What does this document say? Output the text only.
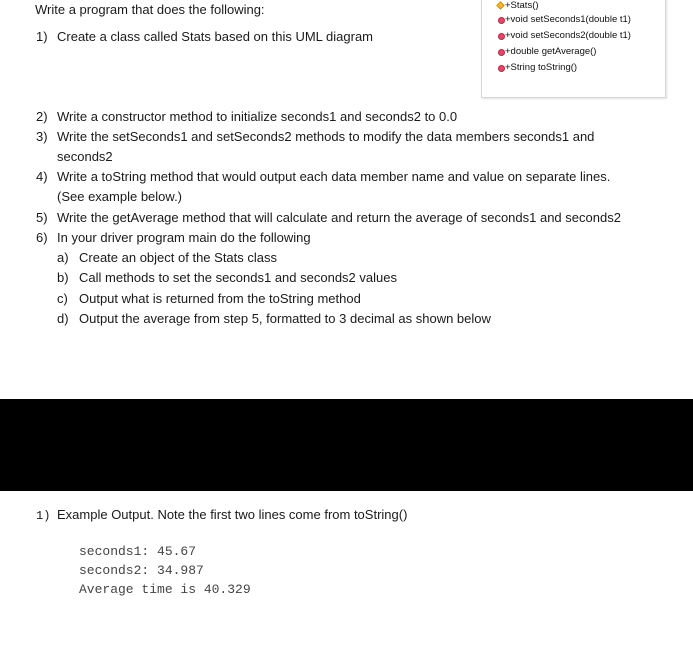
Write a program that does the following:
1) Create a class called Stats based on this UML diagram
+Stats()
+void setSeconds1(double t1)
+void setSeconds2(double t1)
+double getAverage()
+String toString()
2) Write a constructor method to initialize seconds1 and seconds2 to 0.0
3) Write the setSeconds1 and setSeconds2 methods to modify the data members seconds1 and
seconds2
4) Write a toString method that would output each data member name and value on separate lines.
(See example below.)
5) Write the getAverage method that will calculate and return the average of seconds1 and seconds2
6) In your driver program main do the following
a) Create an object of the Stats class
b) Call methods to set the seconds1 and seconds2 values
c) Output what is returned from the toString method
d) Output the average from step 5, formatted to 3 decimal as shown below
1) Example Output. Note the first two lines come from toString()
seconds1: 45.67
seconds2: 34.987
Average time is 40.329
